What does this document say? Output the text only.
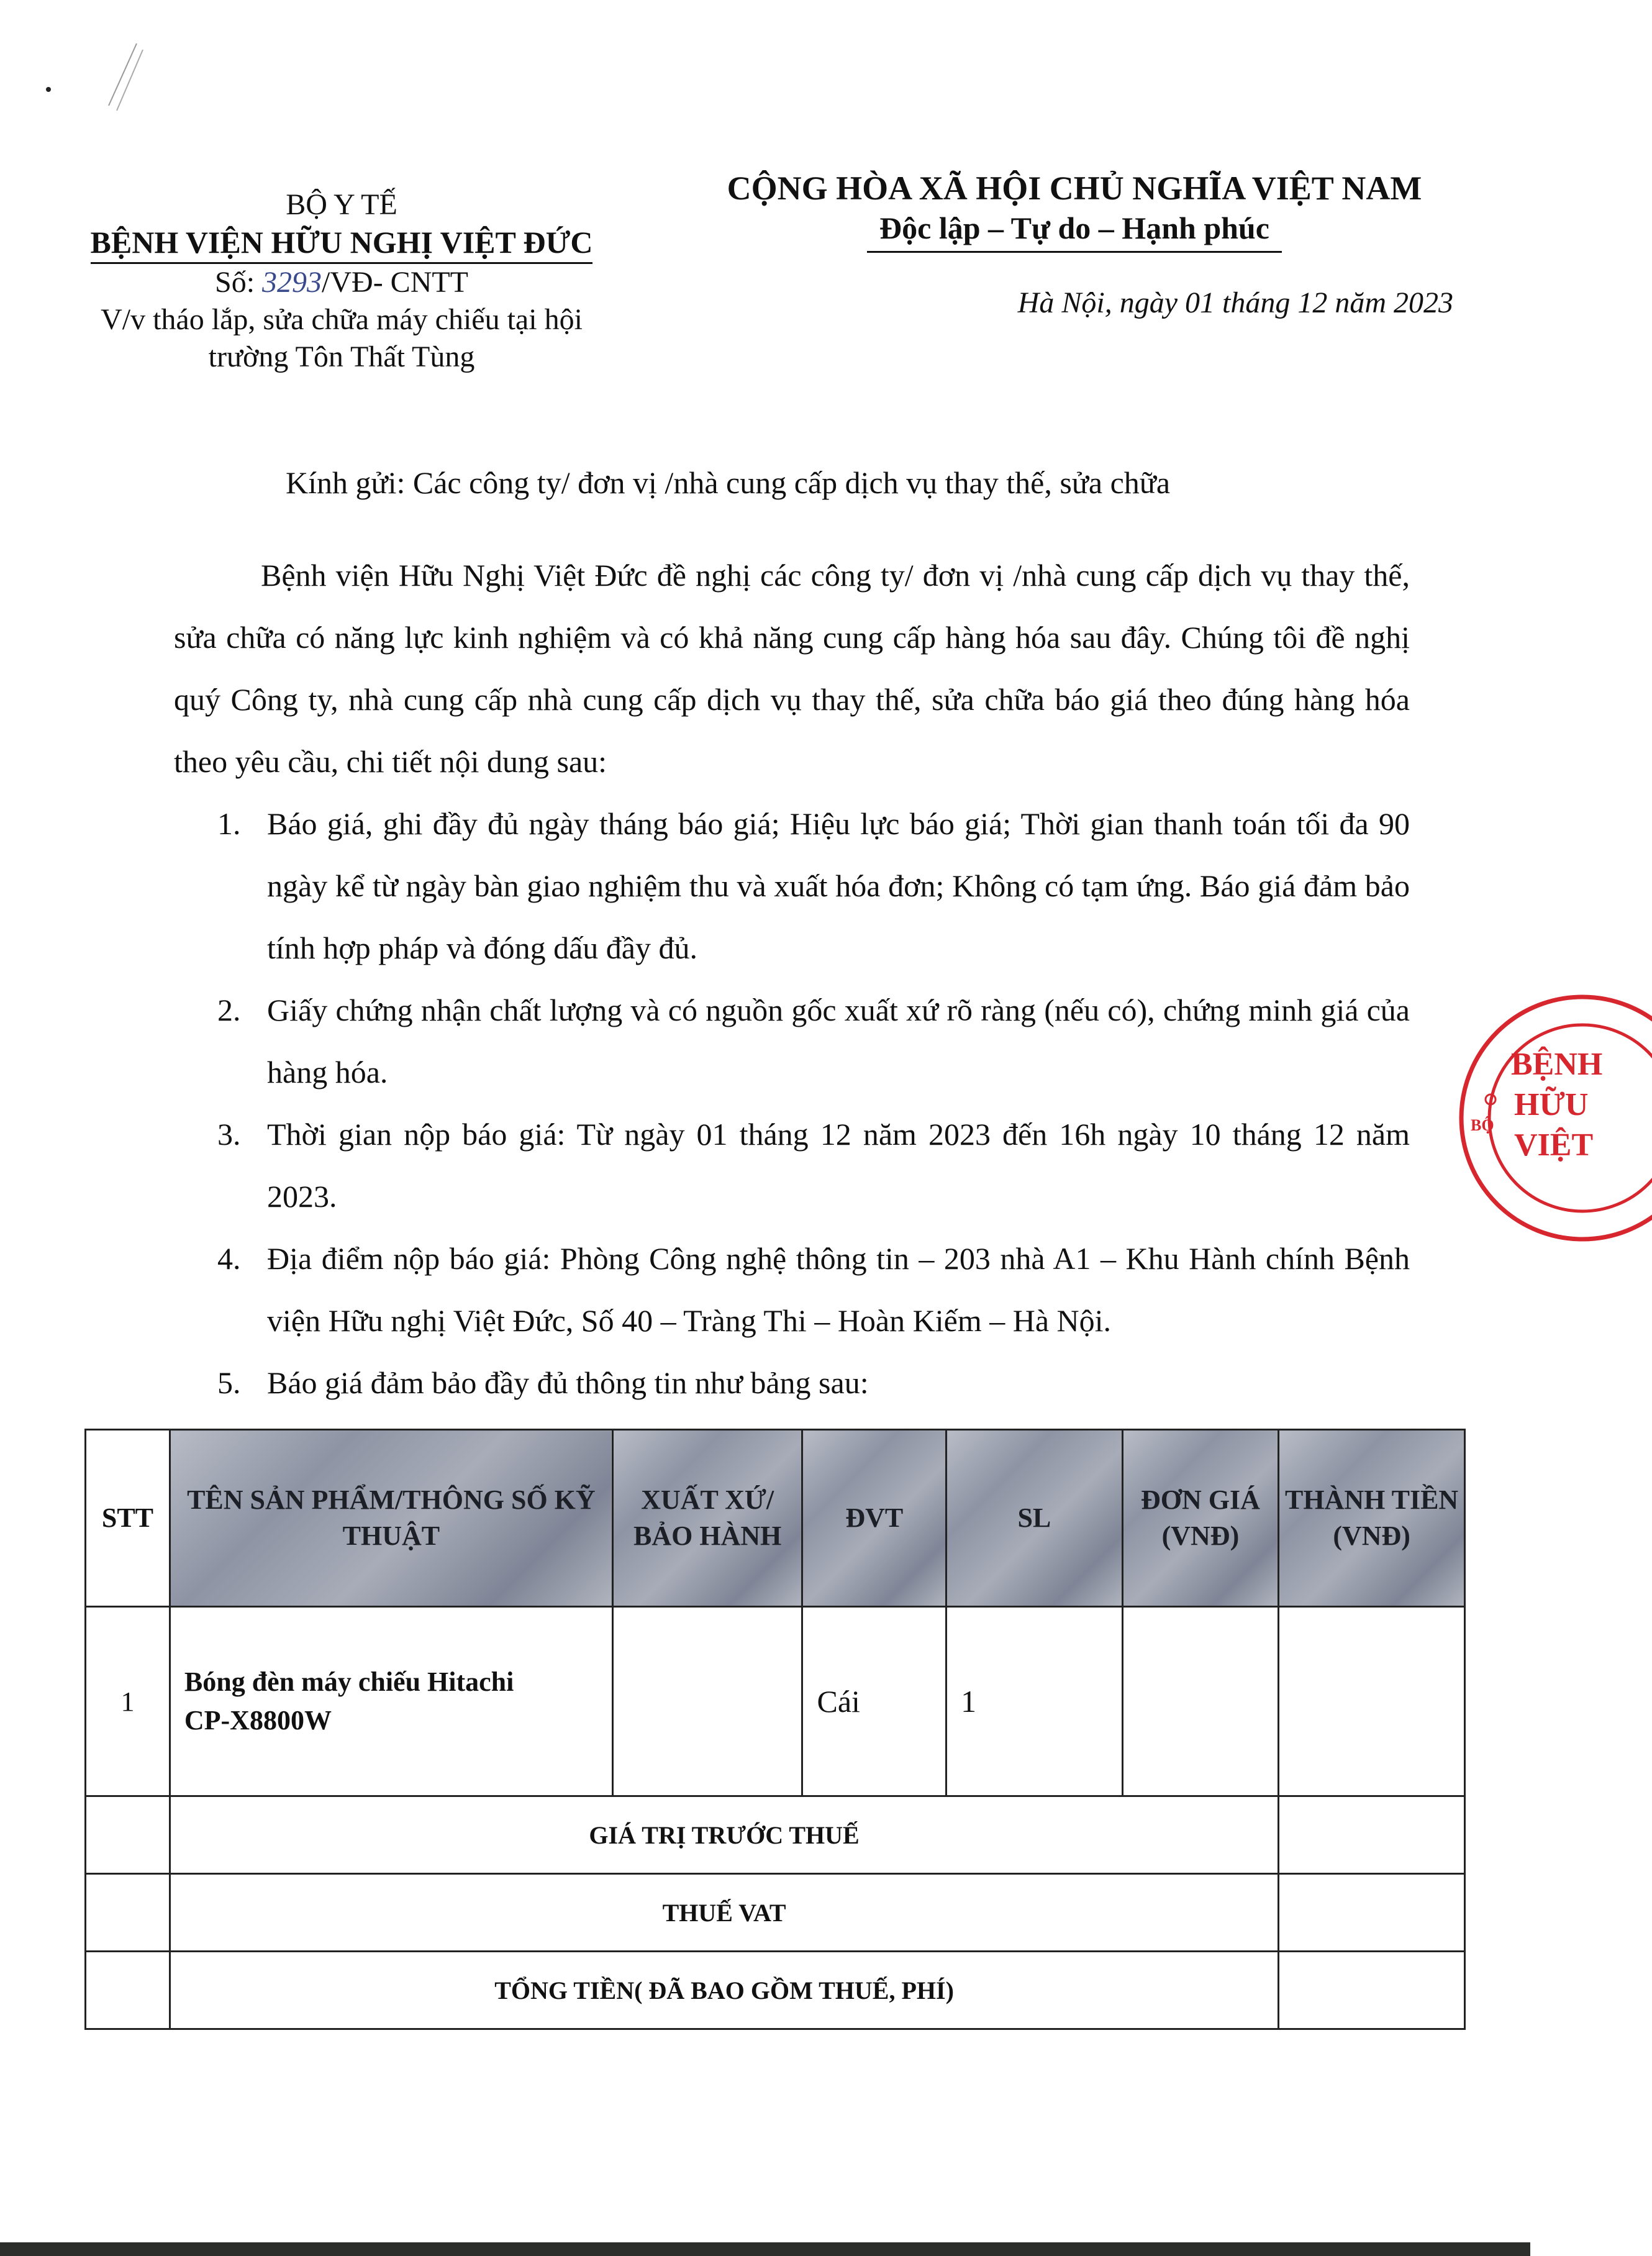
BỘ Y TẾ
BỆNH VIỆN HỮU NGHỊ VIỆT ĐỨC
Số: 3293/VĐ- CNTT
V/v tháo lắp, sửa chữa máy chiếu tại hội
trường Tôn Thất Tùng
CỘNG HÒA XÃ HỘI CHỦ NGHĨA VIỆT NAM
Độc lập – Tự do – Hạnh phúc
Hà Nội, ngày 01 tháng 12 năm 2023
Kính gửi: Các công ty/ đơn vị /nhà cung cấp dịch vụ thay thế, sửa chữa

Bệnh viện Hữu Nghị Việt Đức đề nghị các công ty/ đơn vị /nhà cung cấp dịch vụ thay thế, sửa chữa có năng lực kinh nghiệm và có khả năng cung cấp hàng hóa sau đây. Chúng tôi đề nghị quý Công ty, nhà cung cấp nhà cung cấp dịch vụ thay thế, sửa chữa báo giá theo đúng hàng hóa theo yêu cầu, chi tiết nội dung sau:

1. Báo giá, ghi đầy đủ ngày tháng báo giá; Hiệu lực báo giá; Thời gian thanh toán tối đa 90 ngày kể từ ngày bàn giao nghiệm thu và xuất hóa đơn; Không có tạm ứng. Báo giá đảm bảo tính hợp pháp và đóng dấu đầy đủ.
2. Giấy chứng nhận chất lượng và có nguồn gốc xuất xứ rõ ràng (nếu có), chứng minh giá của hàng hóa.
3. Thời gian nộp báo giá: Từ ngày 01 tháng 12 năm 2023 đến 16h ngày 10 tháng 12 năm 2023.
4. Địa điểm nộp báo giá: Phòng Công nghệ thông tin – 203 nhà A1 – Khu Hành chính Bệnh viện Hữu nghị Việt Đức, Số 40 – Tràng Thi – Hoàn Kiếm – Hà Nội.
5. Báo giá đảm bảo đầy đủ thông tin như bảng sau:
STT	TÊN SẢN PHẨM/THÔNG SỐ KỸ THUẬT	XUẤT XỨ/ BẢO HÀNH	ĐVT	SL	ĐƠN GIÁ (VNĐ)	THÀNH TIỀN (VNĐ)
1	Bóng đèn máy chiếu Hitachi
CP-X8800W		Cái	1		
	GIÁ TRỊ TRƯỚC THUẾ					
	THUẾ VAT					
	TỔNG TIỀN( ĐÃ BAO GỒM THUẾ, PHÍ)					
BỆNH
HỮU
VIỆT
BỘ
